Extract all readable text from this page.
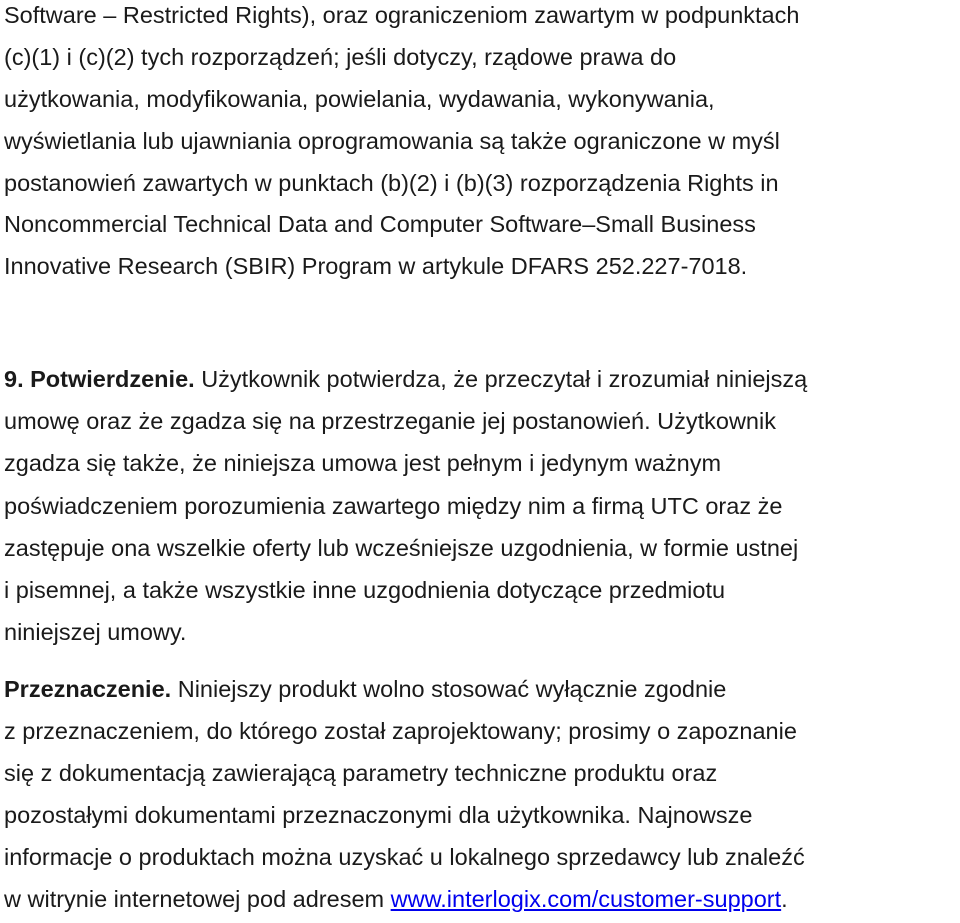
Software – Restricted Rights), oraz ograniczeniom zawartym w podpunktach
(c)(1) i (c)(2) tych rozporządzeń; jeśli dotyczy, rządowe prawa do
użytkowania, modyfikowania, powielania, wydawania, wykonywania,
wyświetlania lub ujawniania oprogramowania są także ograniczone w myśl
postanowień zawartych w punktach (b)(2) i (b)(3) rozporządzenia Rights in
Noncommercial Technical Data and Computer Software–Small Business
Innovative Research (SBIR) Program w artykule DFARS 252.227-7018.
9. Potwierdzenie. Użytkownik potwierdza, że przeczytał i zrozumiał niniejszą
umowę oraz że zgadza się na przestrzeganie jej postanowień. Użytkownik
zgadza się także, że niniejsza umowa jest pełnym i jedynym ważnym
poświadczeniem porozumienia zawartego między nim a firmą UTC oraz że
zastępuje ona wszelkie oferty lub wcześniejsze uzgodnienia, w formie ustnej
i pisemnej, a także wszystkie inne uzgodnienia dotyczące przedmiotu
niniejszej umowy.
Przeznaczenie. Niniejszy produkt wolno stosować wyłącznie zgodnie
z przeznaczeniem, do którego został zaprojektowany; prosimy o zapoznanie
się z dokumentacją zawierającą parametry techniczne produktu oraz
pozostałymi dokumentami przeznaczonymi dla użytkownika. Najnowsze
informacje o produktach można uzyskać u lokalnego sprzedawcy lub znaleźć
w witrynie internetowej pod adresem www.interlogix.com/customer-support.
